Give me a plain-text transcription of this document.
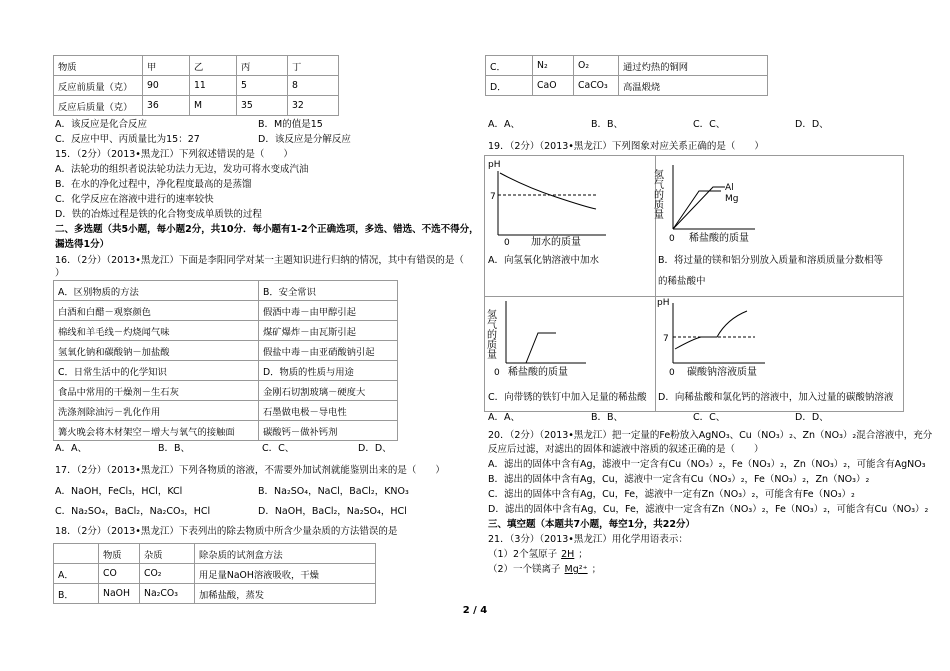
物质	甲	乙	丙	丁
反应前质量（克）	90	11	5	8
反应后质量（克）	36	M	35	32
A．该反应是化合反应	B．M的值是15
C．反应中甲、丙质量比为15：27	D．该反应是分解反应
15．（2分）（2013•黑龙江）下列叙述错误的是（　　）
A．法轮功的组织者说法轮功法力无边，发功可将水变成汽油
B．在水的净化过程中，净化程度最高的是蒸馏
C．化学反应在溶液中进行的速率较快
D．铁的冶炼过程是铁的化合物变成单质铁的过程
二、多选题（共5小题，每小题2分，共10分．每小题有1-2个正确选项，多选、错选、不选不得分，
漏选得1分）
16．（2分）（2013•黑龙江）下面是李阳同学对某一主题知识进行归纳的情况，其中有错误的是（
）
A．区别物质的方法	B．安全常识
白酒和白醋－观察颜色	假酒中毒－由甲醇引起
棉线和羊毛线－灼烧闻气味	煤矿爆炸－由瓦斯引起
氢氧化钠和碳酸钠－加盐酸	假盐中毒－由亚硝酸钠引起
C．日常生活中的化学知识	D．物质的性质与用途
食品中常用的干燥剂－生石灰	金刚石切割玻璃－硬度大
洗涤剂除油污－乳化作用	石墨做电极－导电性
篝火晚会将木材架空－增大与氧气的接触面	碳酸钙－做补钙剂
A．A、	B．B、	C．C、	D．D、
17．（2分）（2013•黑龙江）下列各物质的溶液，不需要外加试剂就能鉴别出来的是（　　）
A．NaOH，FeCl₃，HCl，KCl	B．Na₂SO₄，NaCl，BaCl₂，KNO₃
C．Na₂SO₄，BaCl₂，Na₂CO₃，HCl	D．NaOH，BaCl₂，Na₂SO₄，HCl
18．（2分）（2013•黑龙江）下表列出的除去物质中所含少量杂质的方法错误的是
	物质	杂质	除杂质的试剂盒方法
A．	CO	CO₂	用足量NaOH溶液吸收，干燥
B．	NaOH	Na₂CO₃	加稀盐酸，蒸发
C．	N₂	O₂	通过灼热的铜网
D．	CaO	CaCO₃	高温煅烧
A．A、	B．B、	C．C、	D．D、
19．（2分）（2013•黑龙江）下列图象对应关系正确的是（　　）
pH
7
0 加水的质量
A．向氢氧化钠溶液中加水
氢气的质量	Al
Mg
0 稀盐酸的质量
B．将过量的镁和铝分别放入质量和溶质质量分数相等
的稀盐酸中
氢气的质量
0 稀盐酸的质量
pH
7
0 碳酸钠溶液质量
C．向带锈的铁钉中加入足量的稀盐酸 D．向稀盐酸和氯化钙的溶液中，加入过量的碳酸钠溶液
A．A、	B．B、	C．C、	D．D、
20．（2分）（2013•黑龙江）把一定量的Fe粉放入AgNO₃、Cu（NO₃）₂、Zn（NO₃）₂混合溶液中，充分
反应后过滤，对滤出的固体和滤液中溶质的叙述正确的是（　　）
A．滤出的固体中含有Ag，滤液中一定含有Cu（NO₃）₂，Fe（NO₃）₂，Zn（NO₃）₂，可能含有AgNO₃
B．滤出的固体中含有Ag，Cu，滤液中一定含有Cu（NO₃）₂，Fe（NO₃）₂，Zn（NO₃）₂
C．滤出的固体中含有Ag，Cu，Fe，滤液中一定有Zn（NO₃）₂，可能含有Fe（NO₃）₂
D．滤出的固体中含有Ag，Cu，Fe，滤液中一定含有Zn（NO₃）₂，Fe（NO₃）₂，可能含有Cu（NO₃）₂
三、填空题（本题共7小题，每空1分，共22分）
21．（3分）（2013•黑龙江）用化学用语表示：
（1）2个氢原子 2H ；
（2）一个镁离子 Mg²⁺ ；
2 / 4
